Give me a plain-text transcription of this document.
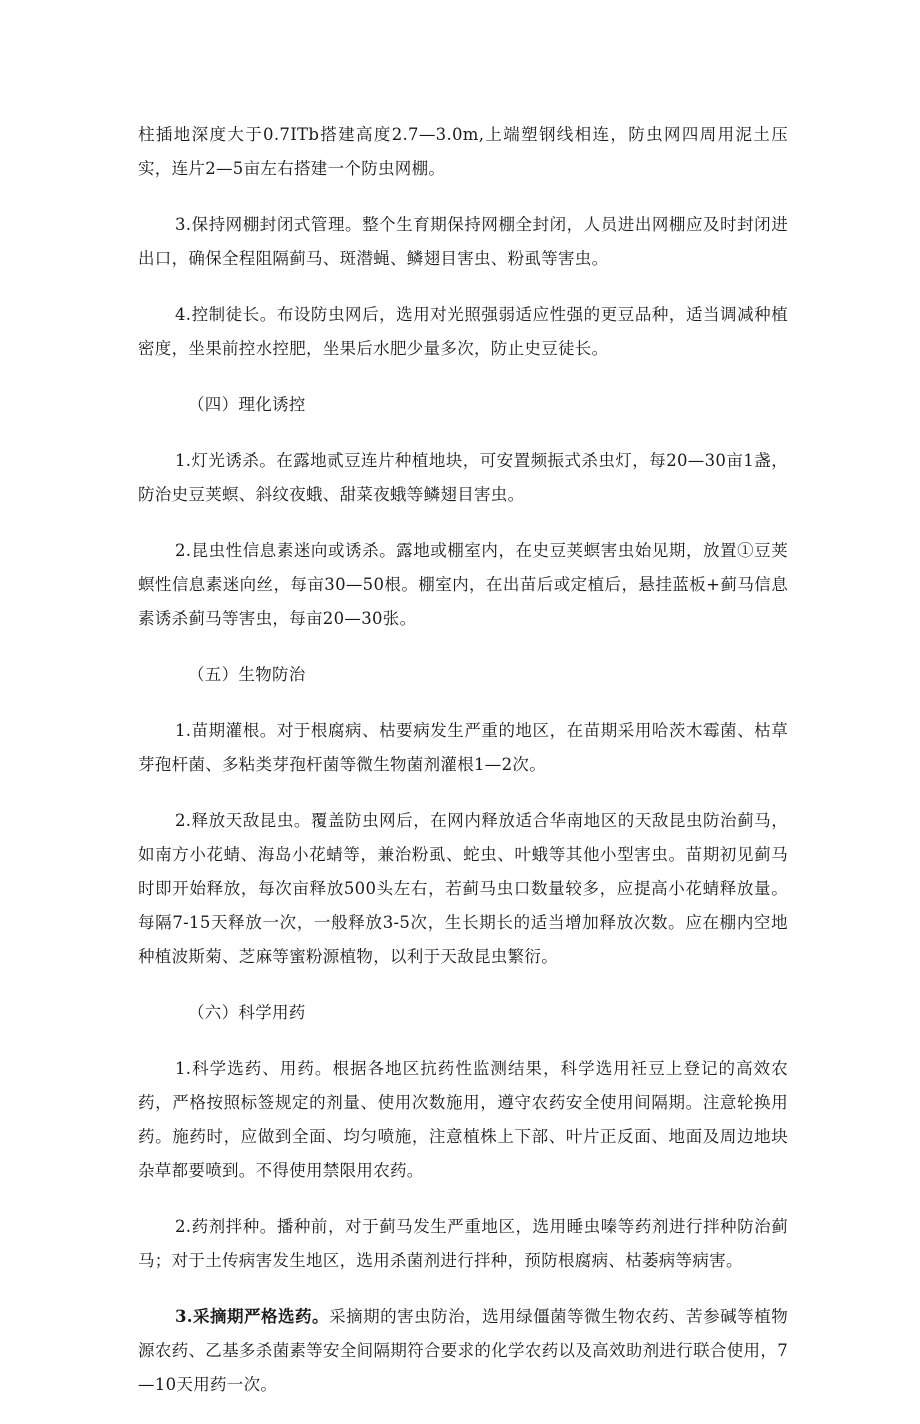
柱插地深度大于0.7ITb搭建高度2.7—3.0m,上端塑钢线相连，防虫网四周用泥土压实，连片2—5亩左右搭建一个防虫网棚。

3.保持网棚封闭式管理。整个生育期保持网棚全封闭，人员进出网棚应及时封闭进出口，确保全程阻隔蓟马、斑潜蝇、鳞翅目害虫、粉虱等害虫。

4.控制徒长。布设防虫网后，选用对光照强弱适应性强的更豆品种，适当调减种植密度，坐果前控水控肥，坐果后水肥少量多次，防止史豆徒长。

（四）理化诱控

1.灯光诱杀。在露地贰豆连片种植地块，可安置频振式杀虫灯，每20—30亩1盏，防治史豆荚螟、斜纹夜蛾、甜菜夜蛾等鳞翅目害虫。

2.昆虫性信息素迷向或诱杀。露地或棚室内，在史豆荚螟害虫始见期，放置①豆荚螟性信息素迷向丝，每亩30—50根。棚室内，在出苗后或定植后，悬挂蓝板+蓟马信息素诱杀蓟马等害虫，每亩20—30张。

（五）生物防治

1.苗期灌根。对于根腐病、枯要病发生严重的地区，在苗期采用哈茨木霉菌、枯草芽孢杆菌、多粘类芽孢杆菌等微生物菌剂灌根1—2次。

2.释放天敌昆虫。覆盖防虫网后，在网内释放适合华南地区的天敌昆虫防治蓟马，如南方小花蜻、海岛小花蜻等，兼治粉虱、蛇虫、叶蛾等其他小型害虫。苗期初见蓟马时即开始释放，每次亩释放500头左右，若蓟马虫口数量较多，应提高小花蜻释放量。每隔7-15天释放一次，一般释放3-5次，生长期长的适当增加释放次数。应在棚内空地种植波斯菊、芝麻等蜜粉源植物，以利于天敌昆虫繁衍。

（六）科学用药

1.科学选药、用药。根据各地区抗药性监测结果，科学选用衽豆上登记的高效农药，严格按照标签规定的剂量、使用次数施用，遵守农药安全使用间隔期。注意轮换用药。施药时，应做到全面、均匀喷施，注意植株上下部、叶片正反面、地面及周边地块杂草都要喷到。不得使用禁限用农药。

2.药剂拌种。播种前，对于蓟马发生严重地区，选用睡虫嗪等药剂进行拌种防治蓟马；对于土传病害发生地区，选用杀菌剂进行拌种，预防根腐病、枯萎病等病害。

3.采摘期严格选药。采摘期的害虫防治，选用绿僵菌等微生物农药、苦参碱等植物源农药、乙基多杀菌素等安全间隔期符合要求的化学农药以及高效助剂进行联合使用，7—10天用药一次。
